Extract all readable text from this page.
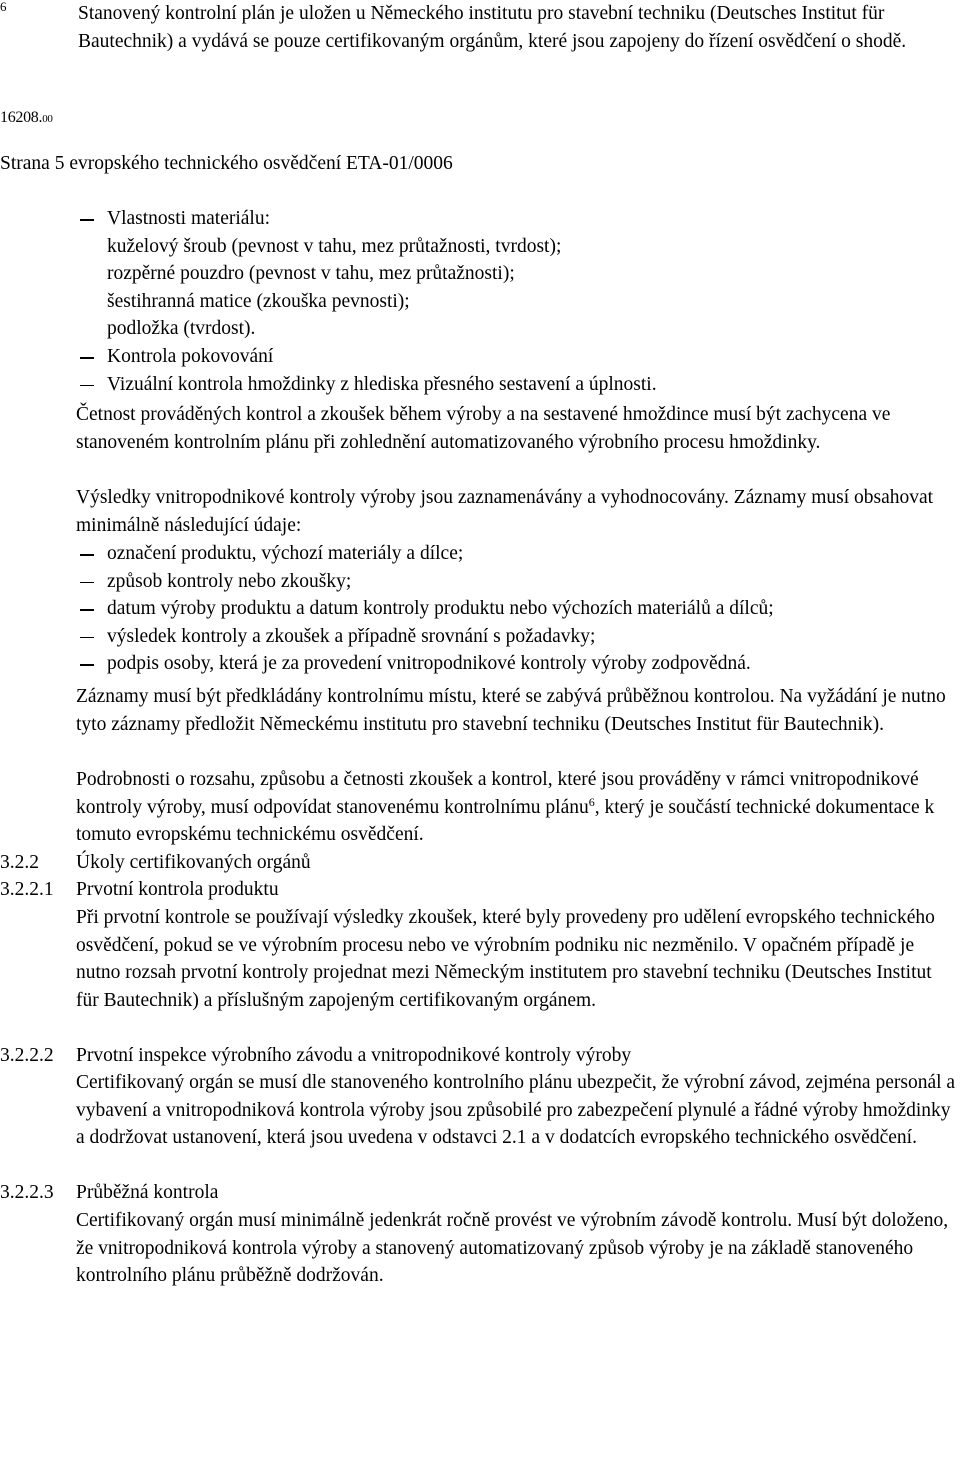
6	Stanovený kontrolní plán je uložen u Německého institutu pro stavební techniku (Deutsches Institut für Bautechnik) a vydává se pouze certifikovaným orgánům, které jsou zapojeny do řízení osvědčení o shodě.
16208.00
Strana 5 evropského technického osvědčení ETA-01/0006
Vlastnosti materiálu:
kuželový šroub (pevnost v tahu, mez průtažnosti, tvrdost);
rozpěrné pouzdro (pevnost v tahu, mez průtažnosti);
šestihranná matice (zkouška pevnosti);
podložka (tvrdost).
Kontrola pokovování
Vizuální kontrola hmoždinky z hlediska přesného sestavení a úplnosti.

Četnost prováděných kontrol a zkoušek během výroby a na sestavené hmoždince musí být zachycena ve stanoveném kontrolním plánu při zohlednění automatizovaného výrobního procesu hmoždinky.

Výsledky vnitropodnikové kontroly výroby jsou zaznamenávány a vyhodnocovány. Záznamy musí obsahovat minimálně následující údaje:

označení produktu, výchozí materiály a dílce;
způsob kontroly nebo zkoušky;
datum výroby produktu a datum kontroly produktu nebo výchozích materiálů a dílců;
výsledek kontroly a zkoušek a případně srovnání s požadavky;
podpis osoby, která je za provedení vnitropodnikové kontroly výroby zodpovědná.

Záznamy musí být předkládány kontrolnímu místu, které se zabývá průběžnou kontrolou. Na vyžádání je nutno tyto záznamy předložit Německému institutu pro stavební techniku (Deutsches Institut für Bautechnik).

Podrobnosti o rozsahu, způsobu a četnosti zkoušek a kontrol, které jsou prováděny v rámci vnitropodnikové kontroly výroby, musí odpovídat stanovenému kontrolnímu plánu$^6$, který je součástí technické dokumentace k tomuto evropskému technickému osvědčení.

3.2.2 Úkoly certifikovaných orgánů
3.2.2.1 Prvotní kontrola produktu

Při prvotní kontrole se používají výsledky zkoušek, které byly provedeny pro udělení evropského technického osvědčení, pokud se ve výrobním procesu nebo ve výrobním podniku nic nezměnilo. V opačném případě je nutno rozsah prvotní kontroly projednat mezi Německým institutem pro stavební techniku (Deutsches Institut für Bautechnik) a příslušným zapojeným certifikovaným orgánem.

3.2.2.2 Prvotní inspekce výrobního závodu a vnitropodnikové kontroly výroby

Certifikovaný orgán se musí dle stanoveného kontrolního plánu ubezpečit, že výrobní závod, zejména personál a vybavení a vnitropodniková kontrola výroby jsou způsobilé pro zabezpečení plynulé a řádné výroby hmoždinky a dodržovat ustanovení, která jsou uvedena v odstavci 2.1 a v dodatcích evropského technického osvědčení.

3.2.2.3 Průběžná kontrola

Certifikovaný orgán musí minimálně jedenkrát ročně provést ve výrobním závodě kontrolu. Musí být doloženo, že vnitropodniková kontrola výroby a stanovený automatizovaný způsob výroby je na základě stanoveného kontrolního plánu průběžně dodržován.
